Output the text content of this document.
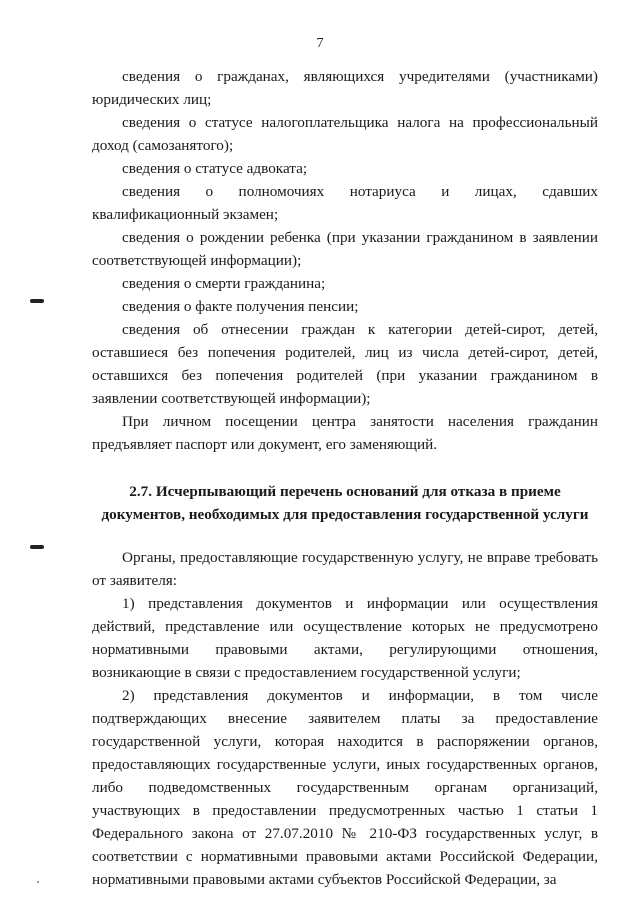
7

сведения о гражданах, являющихся учредителями (участниками) юридических лиц;

сведения о статусе налогоплательщика налога на профессиональный доход (самозанятого);

сведения о статусе адвоката;

сведения о полномочиях нотариуса и лицах, сдавших квалификационный экзамен;

сведения о рождении ребенка (при указании гражданином в заявлении соответствующей информации);

сведения о смерти гражданина;

сведения о факте получения пенсии;

сведения об отнесении граждан к категории детей-сирот, детей, оставшиеся без попечения родителей, лиц из числа детей-сирот, детей, оставшихся без попечения родителей (при указании гражданином в заявлении соответствующей информации);

При личном посещении центра занятости населения гражданин предъявляет паспорт или документ, его заменяющий.

2.7. Исчерпывающий перечень оснований для отказа в приеме документов, необходимых для предоставления государственной услуги

Органы, предоставляющие государственную услугу, не вправе требовать от заявителя:

1) представления документов и информации или осуществления действий, представление или осуществление которых не предусмотрено нормативными правовыми актами, регулирующими отношения, возникающие в связи с предоставлением государственной услуги;

2) представления документов и информации, в том числе подтверждающих внесение заявителем платы за предоставление государственной услуги, которая находится в распоряжении органов, предоставляющих государственные услуги, иных государственных органов, либо подведомственных государственным органам организаций, участвующих в предоставлении предусмотренных частью 1 статьи 1 Федерального закона от 27.07.2010 № 210-ФЗ государственных услуг, в соответствии с нормативными правовыми актами Российской Федерации, нормативными правовыми актами субъектов Российской Федерации, за
